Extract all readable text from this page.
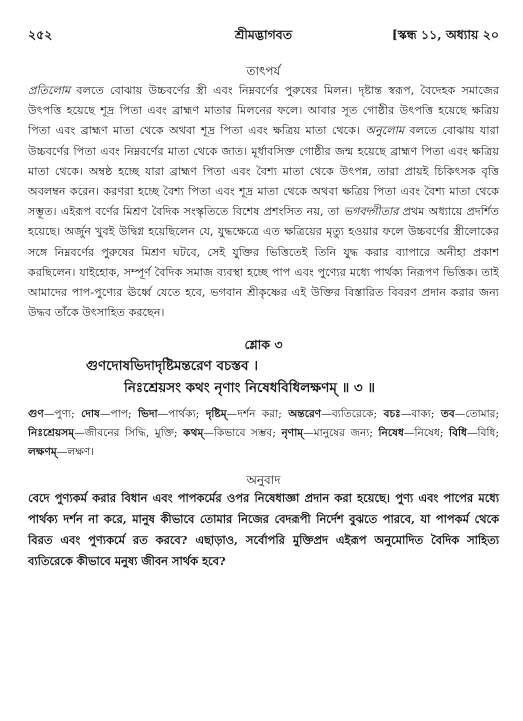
২৫২	শ্রীমদ্ভাগবত	[স্কন্ধ ১১, অধ্যায় ২০
তাৎপর্য

প্রতিলোম বলতে বোঝায় উচ্চবর্ণের স্ত্রী এবং নিম্নবর্ণের পুরুষের মিলন। দৃষ্টান্ত স্বরূপ, বৈদেহক সমাজের উৎপত্তি হয়েছে শূদ্র পিতা এবং ব্রাহ্মণ মাতার মিলনের ফলে। আবার সূত গোষ্ঠীর উৎপত্তি হয়েছে ক্ষত্রিয় পিতা এবং ব্রাহ্মণ মাতা থেকে অথবা শূদ্র পিতা এবং ক্ষত্রিয় মাতা থেকে। অনুলোম বলতে বোঝায় যারা উচ্চবর্ণের পিতা এবং নিম্নবর্ণের মাতা থেকে জাত। মূর্ধাবসিক্ত গোষ্ঠীর জন্ম হয়েছে ব্রাহ্মণ পিতা এবং ক্ষত্রিয় মাতা থেকে। অম্বষ্ঠ হচ্ছে যারা ব্রাহ্মণ পিতা এবং বৈশ্য মাতা থেকে উৎপন্ন, তারা প্রায়ই চিকিৎসক বৃত্তি অবলম্বন করেন। করণরা হচ্ছে বৈশ্য পিতা এবং শূদ্র মাতা থেকে অথবা ক্ষত্রিয় পিতা এবং বৈশ্য মাতা থেকে সম্ভূত। এইরূপ বর্ণের মিশ্রণ বৈদিক সংস্কৃতিতে বিশেষ প্রশংসিত নয়, তা ভগবদ্গীতার প্রথম অধ্যায়ে প্রদর্শিত হয়েছে। অর্জুন খুবই উদ্বিগ্ন হয়েছিলেন যে, যুদ্ধক্ষেত্রে এত ক্ষত্রিয়ের মৃত্যু হওয়ার ফলে উচ্চবর্ণের স্ত্রীলোকের সঙ্গে নিম্নবর্ণের পুরুষের মিশ্রণ ঘটবে, সেই যুক্তির ভিত্তিতেই তিনি যুদ্ধ করার ব্যাপারে অনীহা প্রকাশ করছিলেন। যাইহোক, সম্পূর্ণ বৈদিক সমাজ ব্যবস্থা হচ্ছে পাপ এবং পুণ্যের মধ্যে পার্থক্য নিরূপণ ভিত্তিক। তাই আমাদের পাপ-পুণ্যের ঊর্ধ্বে যেতে হবে, ভগবান শ্রীকৃষ্ণের এই উক্তির বিস্তারিত বিবরণ প্রদান করার জন্য উদ্ধব তাঁকে উৎসাহিত করছেন।

শ্লোক ৩
গুণদোষভিদাদৃষ্টিমন্তরেণ বচস্তব ।
নিঃশ্রেয়সং কথং নৃণাং নিষেধবিধিলক্ষণম্ ॥ ৩ ॥
গুণ—পুণ্য; দোষ—পাপ; ভিদা—পার্থক্য; দৃষ্টিম্—দর্শন করা; অন্তরেণ—ব্যতিরেকে; বচঃ—বাক্য; তব—তোমার; নিঃশ্রেয়সম্—জীবনের সিদ্ধি, মুক্তি; কথম্—কিভাবে সম্ভব; নৃণাম্—মানুষের জন্য; নিষেধ—নিষেধ; বিধি—বিধি; লক্ষণম্—লক্ষণ।
অনুবাদ

বেদে পুণ্যকর্ম করার বিধান এবং পাপকর্মের ওপর নিষেধাজ্ঞা প্রদান করা হয়েছে। পুণ্য এবং পাপের মধ্যে পার্থক্য দর্শন না করে, মানুষ কীভাবে তোমার নিজের বেদরূপী নির্দেশ বুঝতে পারবে, যা পাপকর্ম থেকে বিরত এবং পুণ্যকর্মে রত করবে? এছাড়াও, সর্বোপরি মুক্তিপ্রদ এইরূপ অনুমোদিত বৈদিক সাহিত্য ব্যতিরেকে কীভাবে মনুষ্য জীবন সার্থক হবে?
